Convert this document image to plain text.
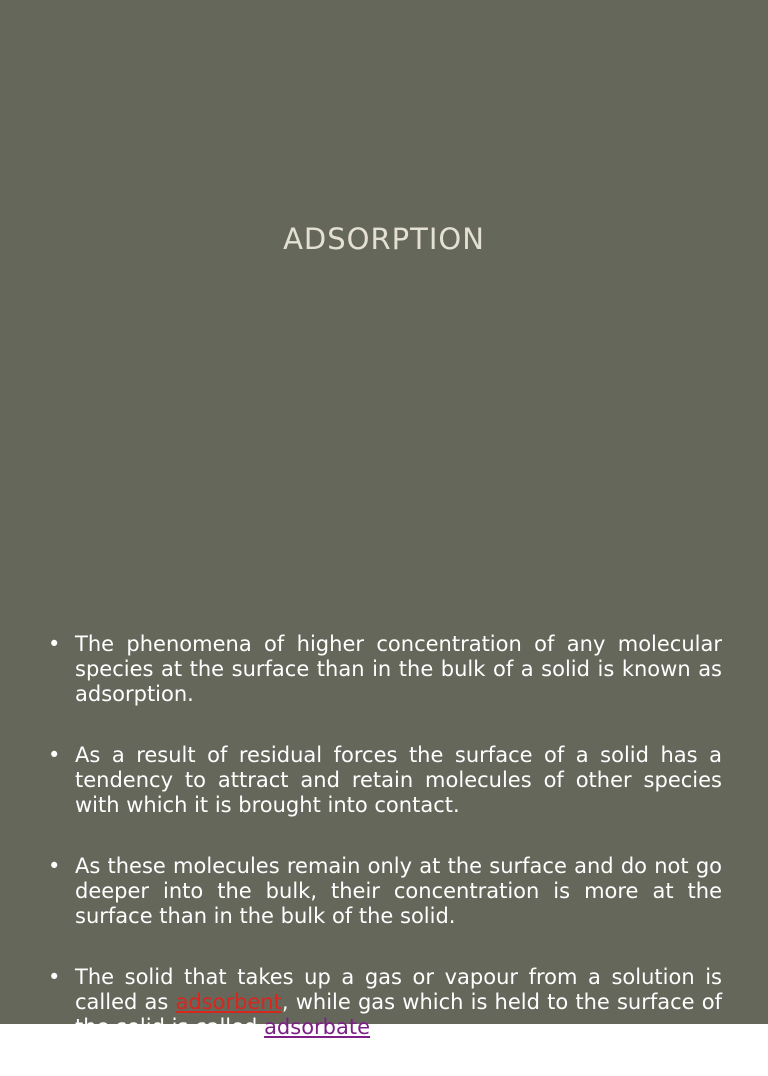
ADSORPTION
• The phenomena of higher concentration of any molecular species at the surface than in the bulk of a solid is known as adsorption.
• As a result of residual forces the surface of a solid has a tendency to attract and retain molecules of other species with which it is brought into contact.
• As these molecules remain only at the surface and do not go deeper into the bulk, their concentration is more at the surface than in the bulk of the solid.
• The solid that takes up a gas or vapour from a solution is called as adsorbent, while gas which is held to the surface of the solid is called adsorbate.
